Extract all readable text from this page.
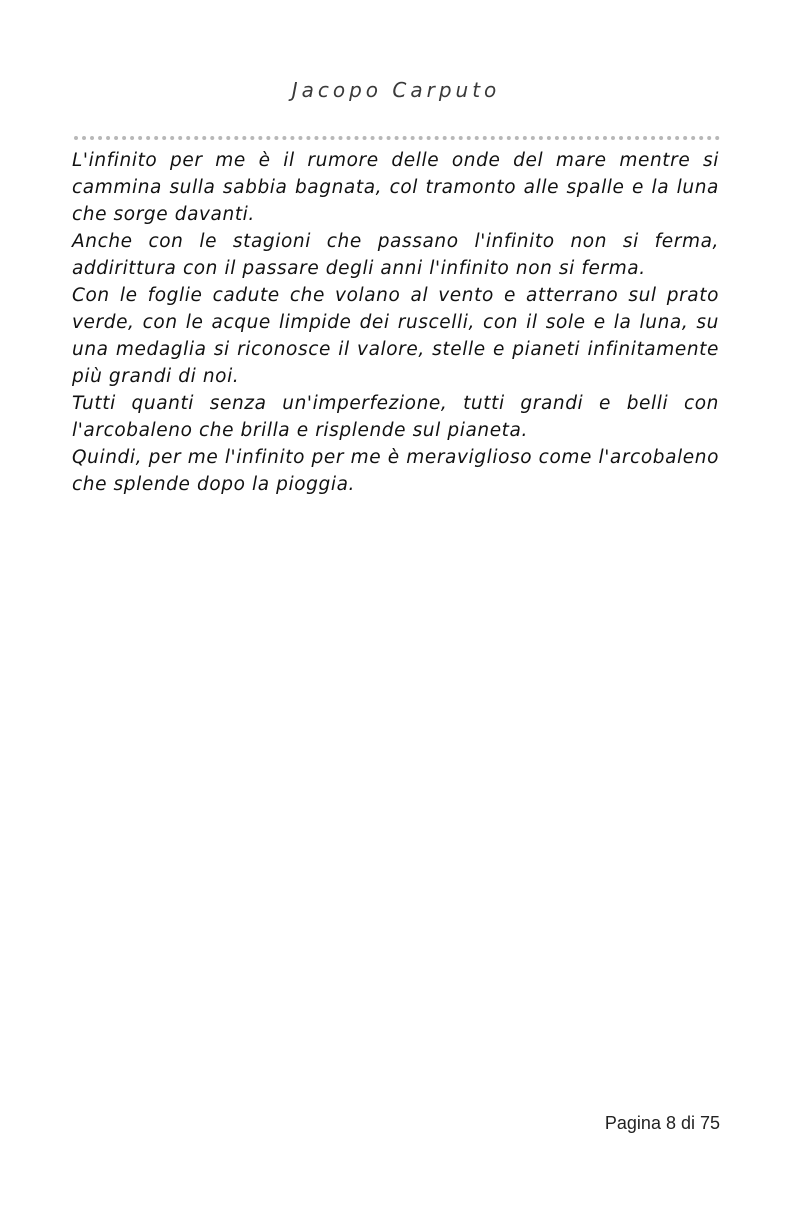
Jacopo Carputo

L'infinito per me è il rumore delle onde del mare mentre si cammina sulla sabbia bagnata, col tramonto alle spalle e la luna che sorge davanti.

Anche con le stagioni che passano l'infinito non si ferma, addirittura con il passare degli anni l'infinito non si ferma.

Con le foglie cadute che volano al vento e atterrano sul prato verde, con le acque limpide dei ruscelli, con il sole e la luna, su una medaglia si riconosce il valore, stelle e pianeti infinitamente più grandi di noi.

Tutti quanti senza un'imperfezione, tutti grandi e belli con l'arcobaleno che brilla e risplende sul pianeta.

Quindi, per me l'infinito per me è meraviglioso come l'arcobaleno che splende dopo la pioggia.

Pagina 8 di 75
